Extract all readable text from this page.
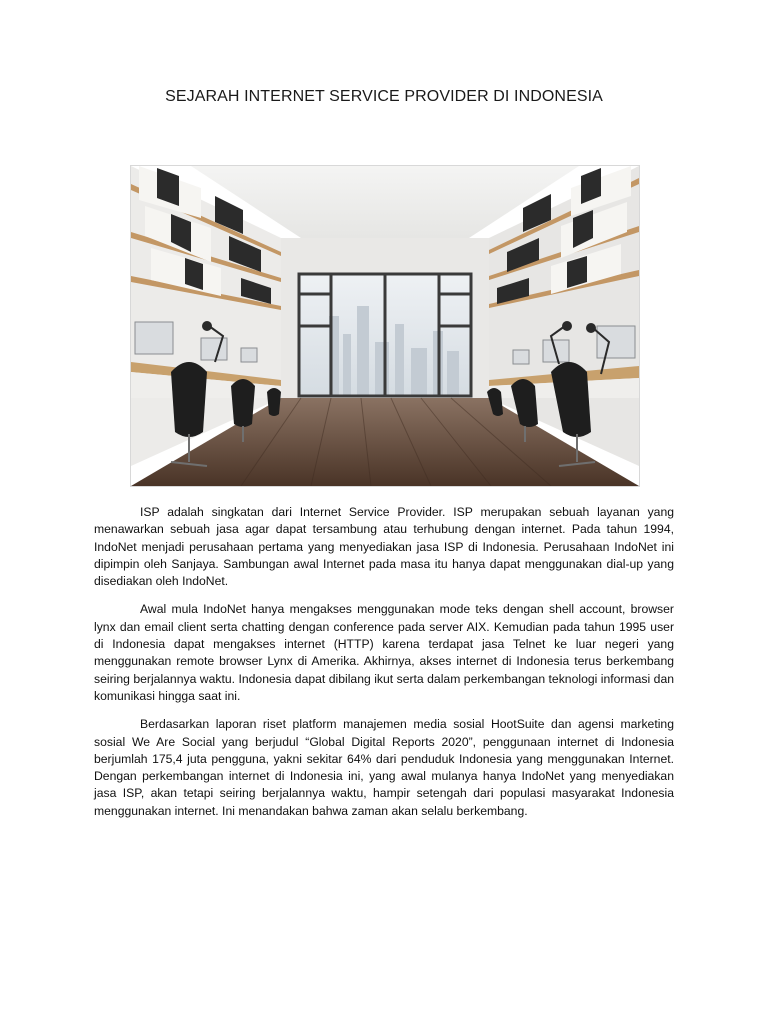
SEJARAH INTERNET SERVICE PROVIDER DI INDONESIA

ISP adalah singkatan dari Internet Service Provider. ISP merupakan sebuah layanan yang menawarkan sebuah jasa agar dapat tersambung atau terhubung dengan internet. Pada tahun 1994, IndoNet menjadi perusahaan pertama yang menyediakan jasa ISP di Indonesia. Perusahaan IndoNet ini dipimpin oleh Sanjaya. Sambungan awal Internet pada masa itu hanya dapat menggunakan dial-up yang disediakan oleh IndoNet.

Awal mula IndoNet hanya mengakses menggunakan mode teks dengan shell account, browser lynx dan email client serta chatting dengan conference pada server AIX. Kemudian pada tahun 1995 user di Indonesia dapat mengakses internet (HTTP) karena terdapat jasa Telnet ke luar negeri yang menggunakan remote browser Lynx di Amerika. Akhirnya, akses internet di Indonesia terus berkembang seiring berjalannya waktu. Indonesia dapat dibilang ikut serta dalam perkembangan teknologi informasi dan komunikasi hingga saat ini.

Berdasarkan laporan riset platform manajemen media sosial HootSuite dan agensi marketing sosial We Are Social yang berjudul “Global Digital Reports 2020”, penggunaan internet di Indonesia berjumlah 175,4 juta pengguna, yakni sekitar 64% dari penduduk Indonesia yang menggunakan Internet. Dengan perkembangan internet di Indonesia ini, yang awal mulanya hanya IndoNet yang menyediakan jasa ISP, akan tetapi seiring berjalannya waktu, hampir setengah dari populasi masyarakat Indonesia menggunakan internet. Ini menandakan bahwa zaman akan selalu berkembang.
